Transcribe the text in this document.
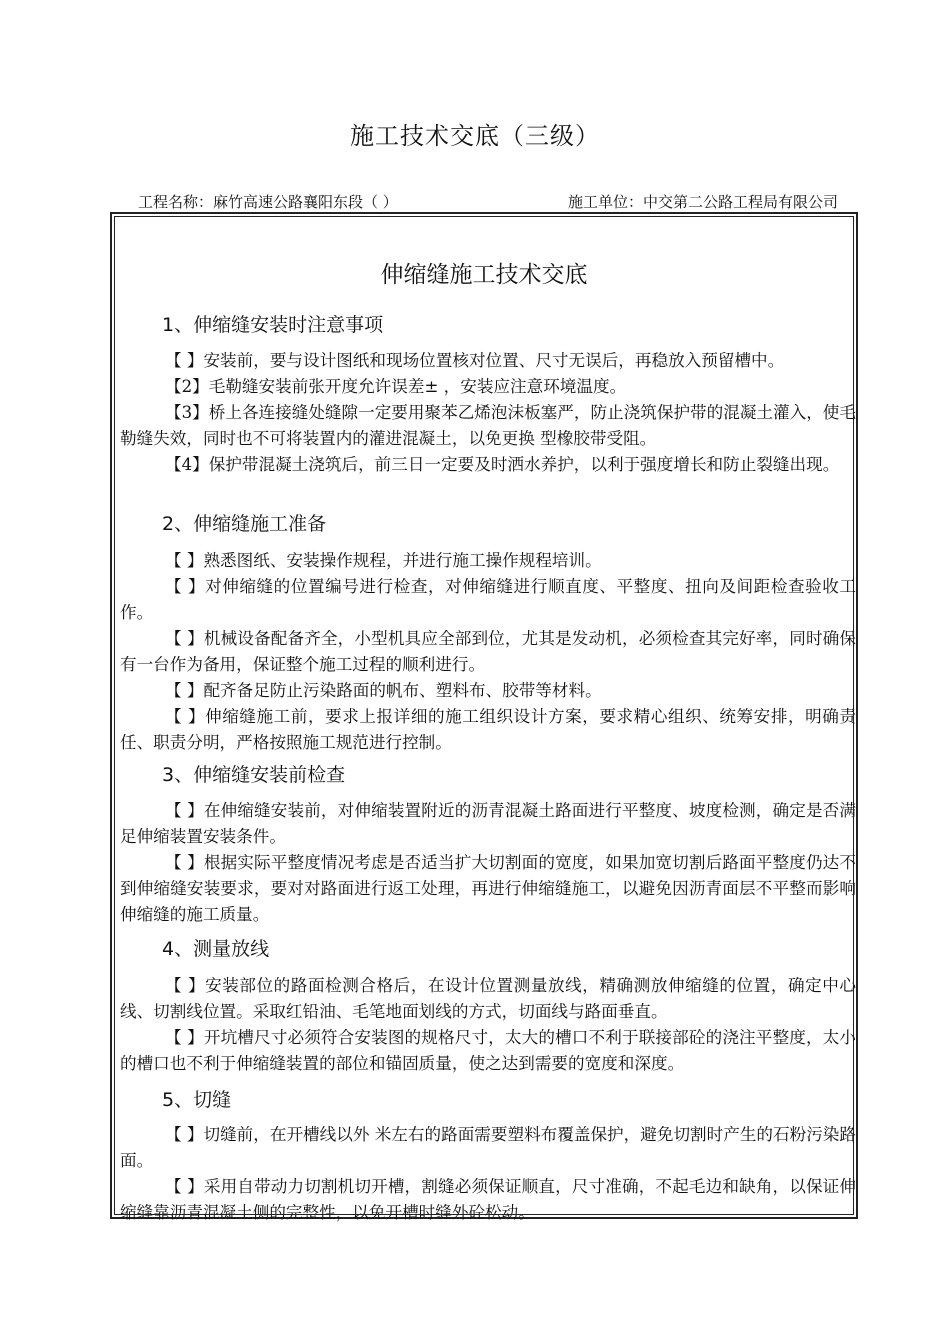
施工技术交底（三级）
工程名称：麻竹高速公路襄阳东段（ ）	施工单位：中交第二公路工程局有限公司
伸缩缝施工技术交底
1、伸缩缝安装时注意事项
【 】安装前，要与设计图纸和现场位置核对位置、尺寸无误后，再稳放入预留槽中。
【2】毛勒缝安装前张开度允许误差± ，安装应注意环境温度。
【3】桥上各连接缝处缝隙一定要用聚苯乙烯泡沫板塞严，防止浇筑保护带的混凝土灌入，使毛勒缝失效，同时也不可将装置内的灌进混凝土，以免更换 型橡胶带受阻。
【4】保护带混凝土浇筑后，前三日一定要及时洒水养护，以利于强度增长和防止裂缝出现。
2、伸缩缝施工准备
【 】熟悉图纸、安装操作规程，并进行施工操作规程培训。
【 】对伸缩缝的位置编号进行检查，对伸缩缝进行顺直度、平整度、扭向及间距检查验收工作。
【 】机械设备配备齐全，小型机具应全部到位，尤其是发动机，必须检查其完好率，同时确保有一台作为备用，保证整个施工过程的顺利进行。
【 】配齐备足防止污染路面的帆布、塑料布、胶带等材料。
【 】伸缩缝施工前，要求上报详细的施工组织设计方案，要求精心组织、统筹安排，明确责任、职责分明，严格按照施工规范进行控制。
3、伸缩缝安装前检查
【 】在伸缩缝安装前，对伸缩装置附近的沥青混凝土路面进行平整度、坡度检测，确定是否满足伸缩装置安装条件。
【 】根据实际平整度情况考虑是否适当扩大切割面的宽度，如果加宽切割后路面平整度仍达不到伸缩缝安装要求，要对对路面进行返工处理，再进行伸缩缝施工，以避免因沥青面层不平整而影响伸缩缝的施工质量。
4、测量放线
【 】安装部位的路面检测合格后，在设计位置测量放线，精确测放伸缩缝的位置，确定中心线、切割线位置。采取红铅油、毛笔地面划线的方式，切面线与路面垂直。
【 】开坑槽尺寸必须符合安装图的规格尺寸，太大的槽口不利于联接部砼的浇注平整度，太小的槽口也不利于伸缩缝装置的部位和锚固质量，使之达到需要的宽度和深度。
5、切缝
【 】切缝前，在开槽线以外 米左右的路面需要塑料布覆盖保护，避免切割时产生的石粉污染路面。
【 】采用自带动力切割机切开槽，割缝必须保证顺直，尺寸准确，不起毛边和缺角，以保证伸缩缝靠沥青混凝土侧的完整性，以免开槽时缝外砼松动。
